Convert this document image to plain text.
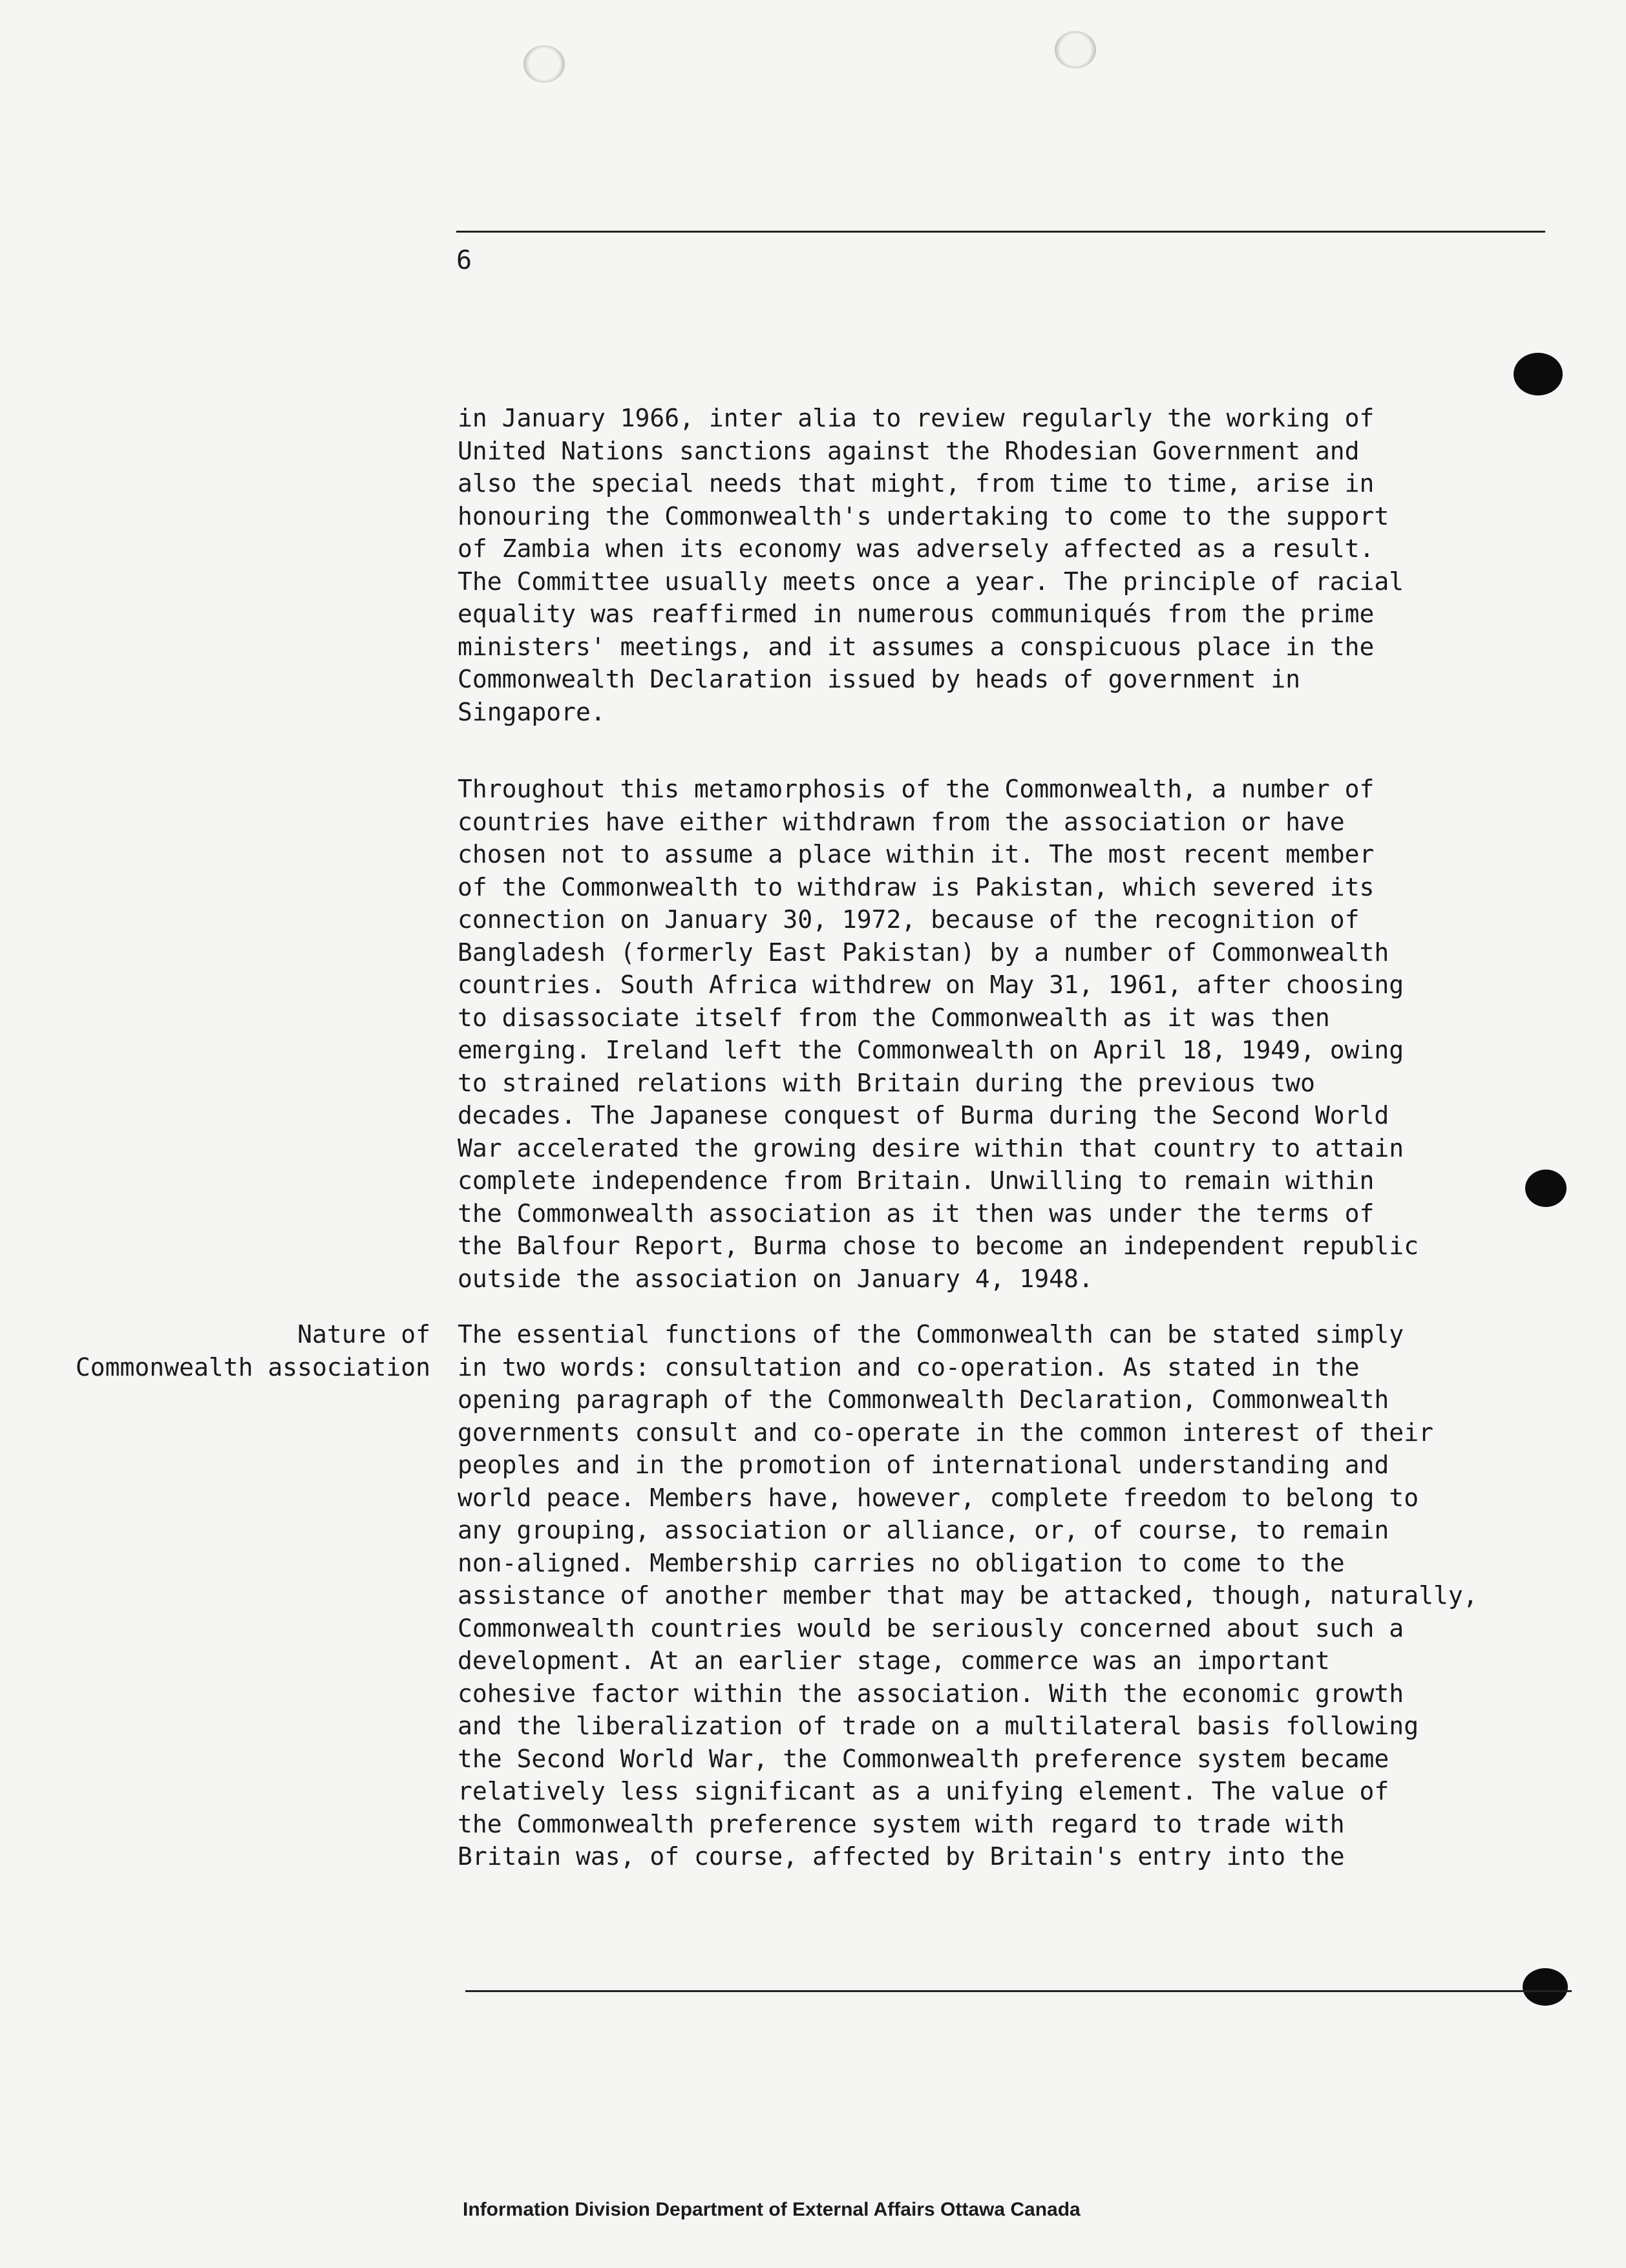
6

in January 1966, inter alia to review regularly the working of
United Nations sanctions against the Rhodesian Government and
also the special needs that might, from time to time, arise in
honouring the Commonwealth's undertaking to come to the support
of Zambia when its economy was adversely affected as a result.
The Committee usually meets once a year. The principle of racial
equality was reaffirmed in numerous communiqués from the prime
ministers' meetings, and it assumes a conspicuous place in the
Commonwealth Declaration issued by heads of government in
Singapore.

Throughout this metamorphosis of the Commonwealth, a number of
countries have either withdrawn from the association or have
chosen not to assume a place within it. The most recent member
of the Commonwealth to withdraw is Pakistan, which severed its
connection on January 30, 1972, because of the recognition of
Bangladesh (formerly East Pakistan) by a number of Commonwealth
countries. South Africa withdrew on May 31, 1961, after choosing
to disassociate itself from the Commonwealth as it was then
emerging. Ireland left the Commonwealth on April 18, 1949, owing
to strained relations with Britain during the previous two
decades. The Japanese conquest of Burma during the Second World
War accelerated the growing desire within that country to attain
complete independence from Britain. Unwilling to remain within
the Commonwealth association as it then was under the terms of
the Balfour Report, Burma chose to become an independent republic
outside the association on January 4, 1948.

Nature of
Commonwealth association

The essential functions of the Commonwealth can be stated simply
in two words: consultation and co-operation. As stated in the
opening paragraph of the Commonwealth Declaration, Commonwealth
governments consult and co-operate in the common interest of their
peoples and in the promotion of international understanding and
world peace. Members have, however, complete freedom to belong to
any grouping, association or alliance, or, of course, to remain
non-aligned. Membership carries no obligation to come to the
assistance of another member that may be attacked, though, naturally,
Commonwealth countries would be seriously concerned about such a
development. At an earlier stage, commerce was an important
cohesive factor within the association. With the economic growth
and the liberalization of trade on a multilateral basis following
the Second World War, the Commonwealth preference system became
relatively less significant as a unifying element. The value of
the Commonwealth preference system with regard to trade with
Britain was, of course, affected by Britain's entry into the

Information Division Department of External Affairs Ottawa Canada
